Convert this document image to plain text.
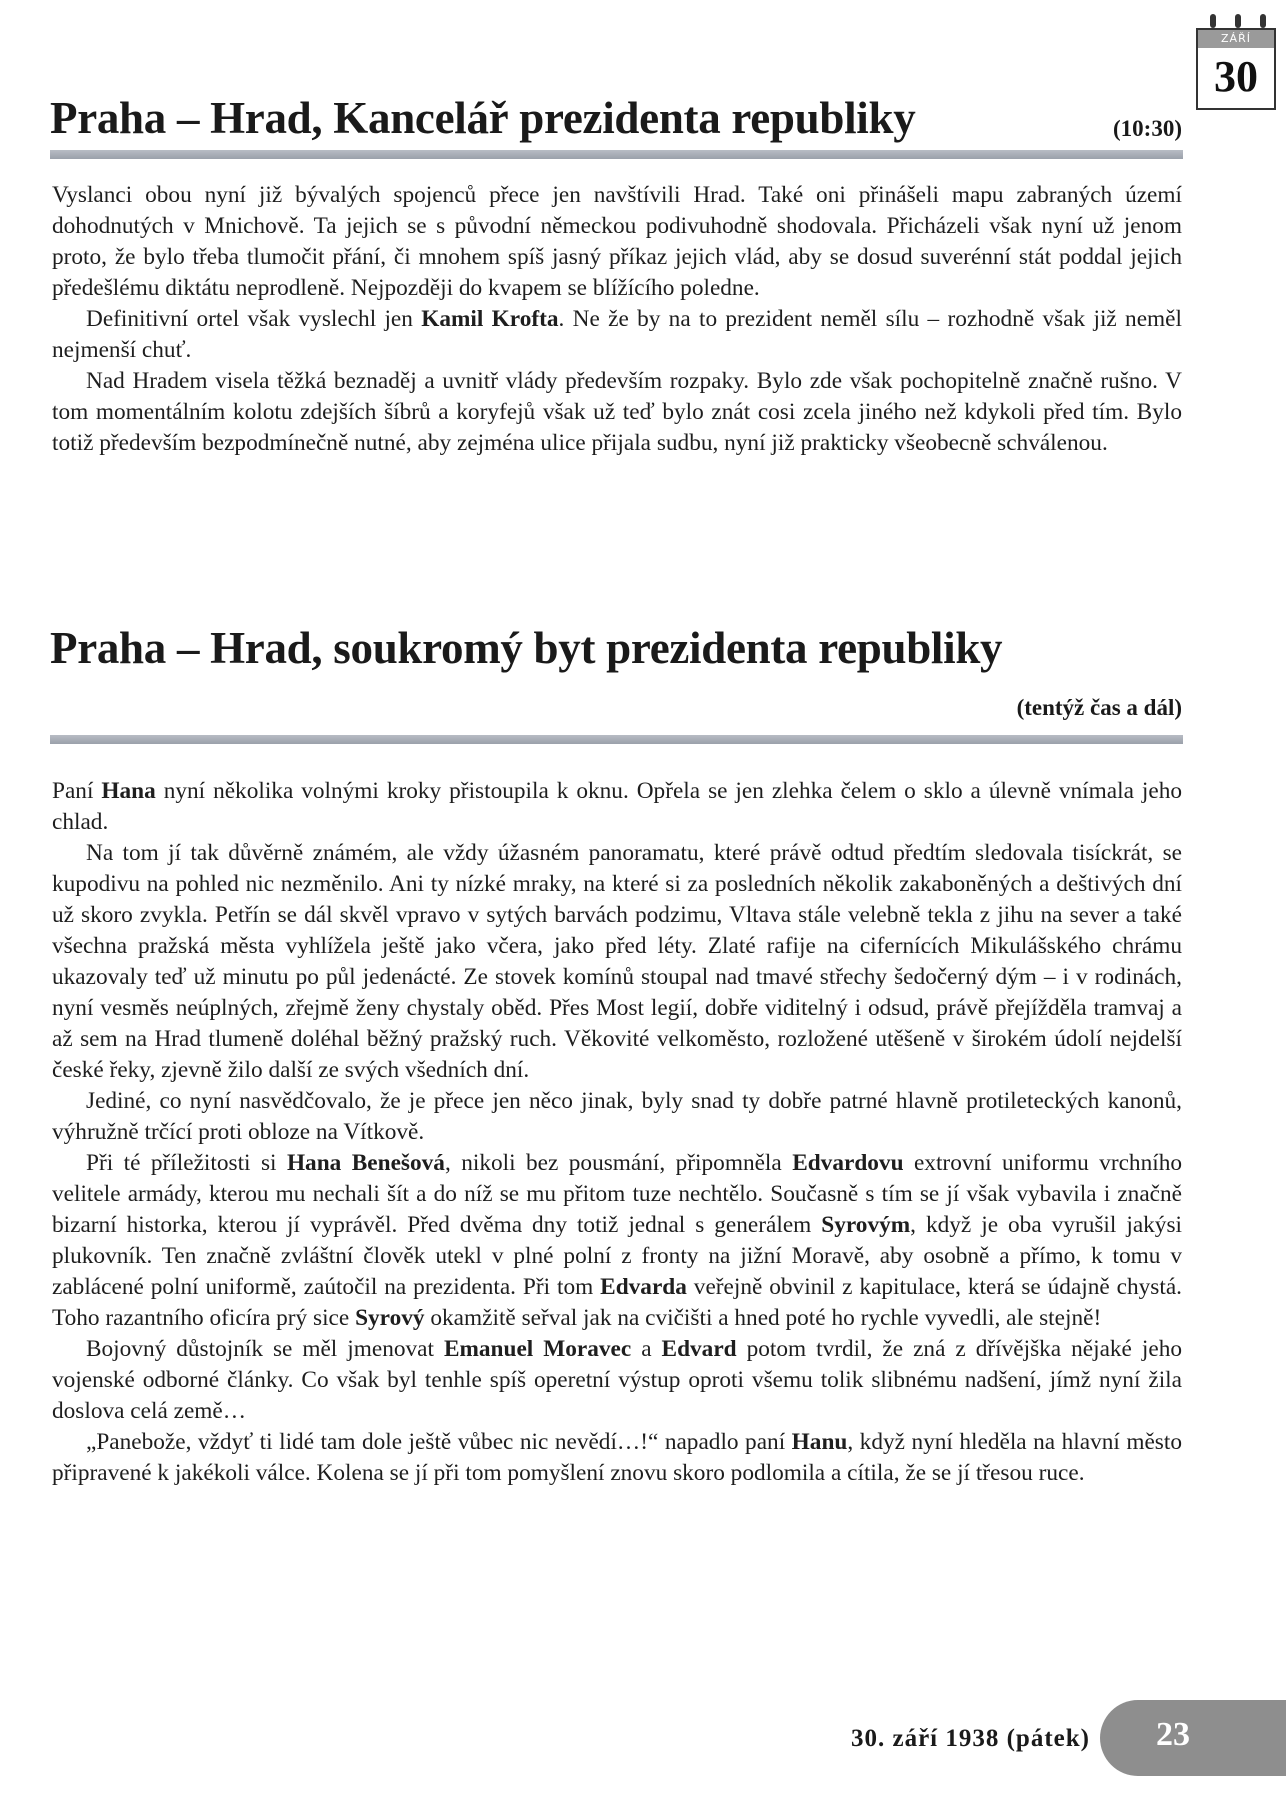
ZÁŘÍ
30
Praha – Hrad, Kancelář prezidenta republiky	(10:30)

Vyslanci obou nyní již bývalých spojenců přece jen navštívili Hrad. Také oni přinášeli mapu zabraných území dohodnutých v Mnichově. Ta jejich se s původní německou podivuhodně shodovala. Přicházeli však nyní už jenom proto, že bylo třeba tlumočit přání, či mnohem spíš jasný příkaz jejich vlád, aby se dosud suverénní stát poddal jejich předešlému diktátu neprodleně. Nejpozději do kvapem se blížícího poledne.

Definitivní ortel však vyslechl jen Kamil Krofta. Ne že by na to prezident neměl sílu – rozhodně však již neměl nejmenší chuť.

Nad Hradem visela těžká beznaděj a uvnitř vlády především rozpaky. Bylo zde však pochopitelně značně rušno. V tom momentálním kolotu zdejších šíbrů a koryfejů však už teď bylo znát cosi zcela jiného než kdykoli před tím. Bylo totiž především bezpodmínečně nutné, aby zejména ulice přijala sudbu, nyní již prakticky všeobecně schválenou.

Praha – Hrad, soukromý byt prezidenta republiky
(tentýž čas a dál)

Paní Hana nyní několika volnými kroky přistoupila k oknu. Opřela se jen zlehka čelem o sklo a úlevně vnímala jeho chlad.

Na tom jí tak důvěrně známém, ale vždy úžasném panoramatu, které právě odtud předtím sledovala tisíckrát, se kupodivu na pohled nic nezměnilo. Ani ty nízké mraky, na které si za posledních několik zakaboněných a deštivých dní už skoro zvykla. Petřín se dál skvěl vpravo v sytých barvách podzimu, Vltava stále velebně tekla z jihu na sever a také všechna pražská města vyhlížela ještě jako včera, jako před léty. Zlaté rafije na cifernících Mikulášského chrámu ukazovaly teď už minutu po půl jedenácté. Ze stovek komínů stoupal nad tmavé střechy šedočerný dým – i v rodinách, nyní vesměs neúplných, zřejmě ženy chystaly oběd. Přes Most legií, dobře viditelný i odsud, právě přejížděla tramvaj a až sem na Hrad tlumeně doléhal běžný pražský ruch. Věkovité velkoměsto, rozložené utěšeně v širokém údolí nejdelší české řeky, zjevně žilo další ze svých všedních dní.

Jediné, co nyní nasvědčovalo, že je přece jen něco jinak, byly snad ty dobře patrné hlavně protileteckých kanonů, výhružně trčící proti obloze na Vítkově.

Při té příležitosti si Hana Benešová, nikoli bez pousmání, připomněla Edvardovu extrovní uniformu vrchního velitele armády, kterou mu nechali šít a do níž se mu přitom tuze nechtělo. Současně s tím se jí však vybavila i značně bizarní historka, kterou jí vyprávěl. Před dvěma dny totiž jednal s generálem Syrovým, když je oba vyrušil jakýsi plukovník. Ten značně zvláštní člověk utekl v plné polní z fronty na jižní Moravě, aby osobně a přímo, k tomu v zablácené polní uniformě, zaútočil na prezidenta. Při tom Edvarda veřejně obvinil z kapitulace, která se údajně chystá. Toho razantního oficíra prý sice Syrový okamžitě seřval jak na cvičišti a hned poté ho rychle vyvedli, ale stejně!

Bojovný důstojník se měl jmenovat Emanuel Moravec a Edvard potom tvrdil, že zná z dřívějška nějaké jeho vojenské odborné články. Co však byl tenhle spíš operetní výstup oproti všemu tolik slibnému nadšení, jímž nyní žila doslova celá země…

„Panebože, vždyť ti lidé tam dole ještě vůbec nic nevědí…!“ napadlo paní Hanu, když nyní hleděla na hlavní město připravené k jakékoli válce. Kolena se jí při tom pomyšlení znovu skoro podlomila a cítila, že se jí třesou ruce.

30. září 1938 (pátek)	23
